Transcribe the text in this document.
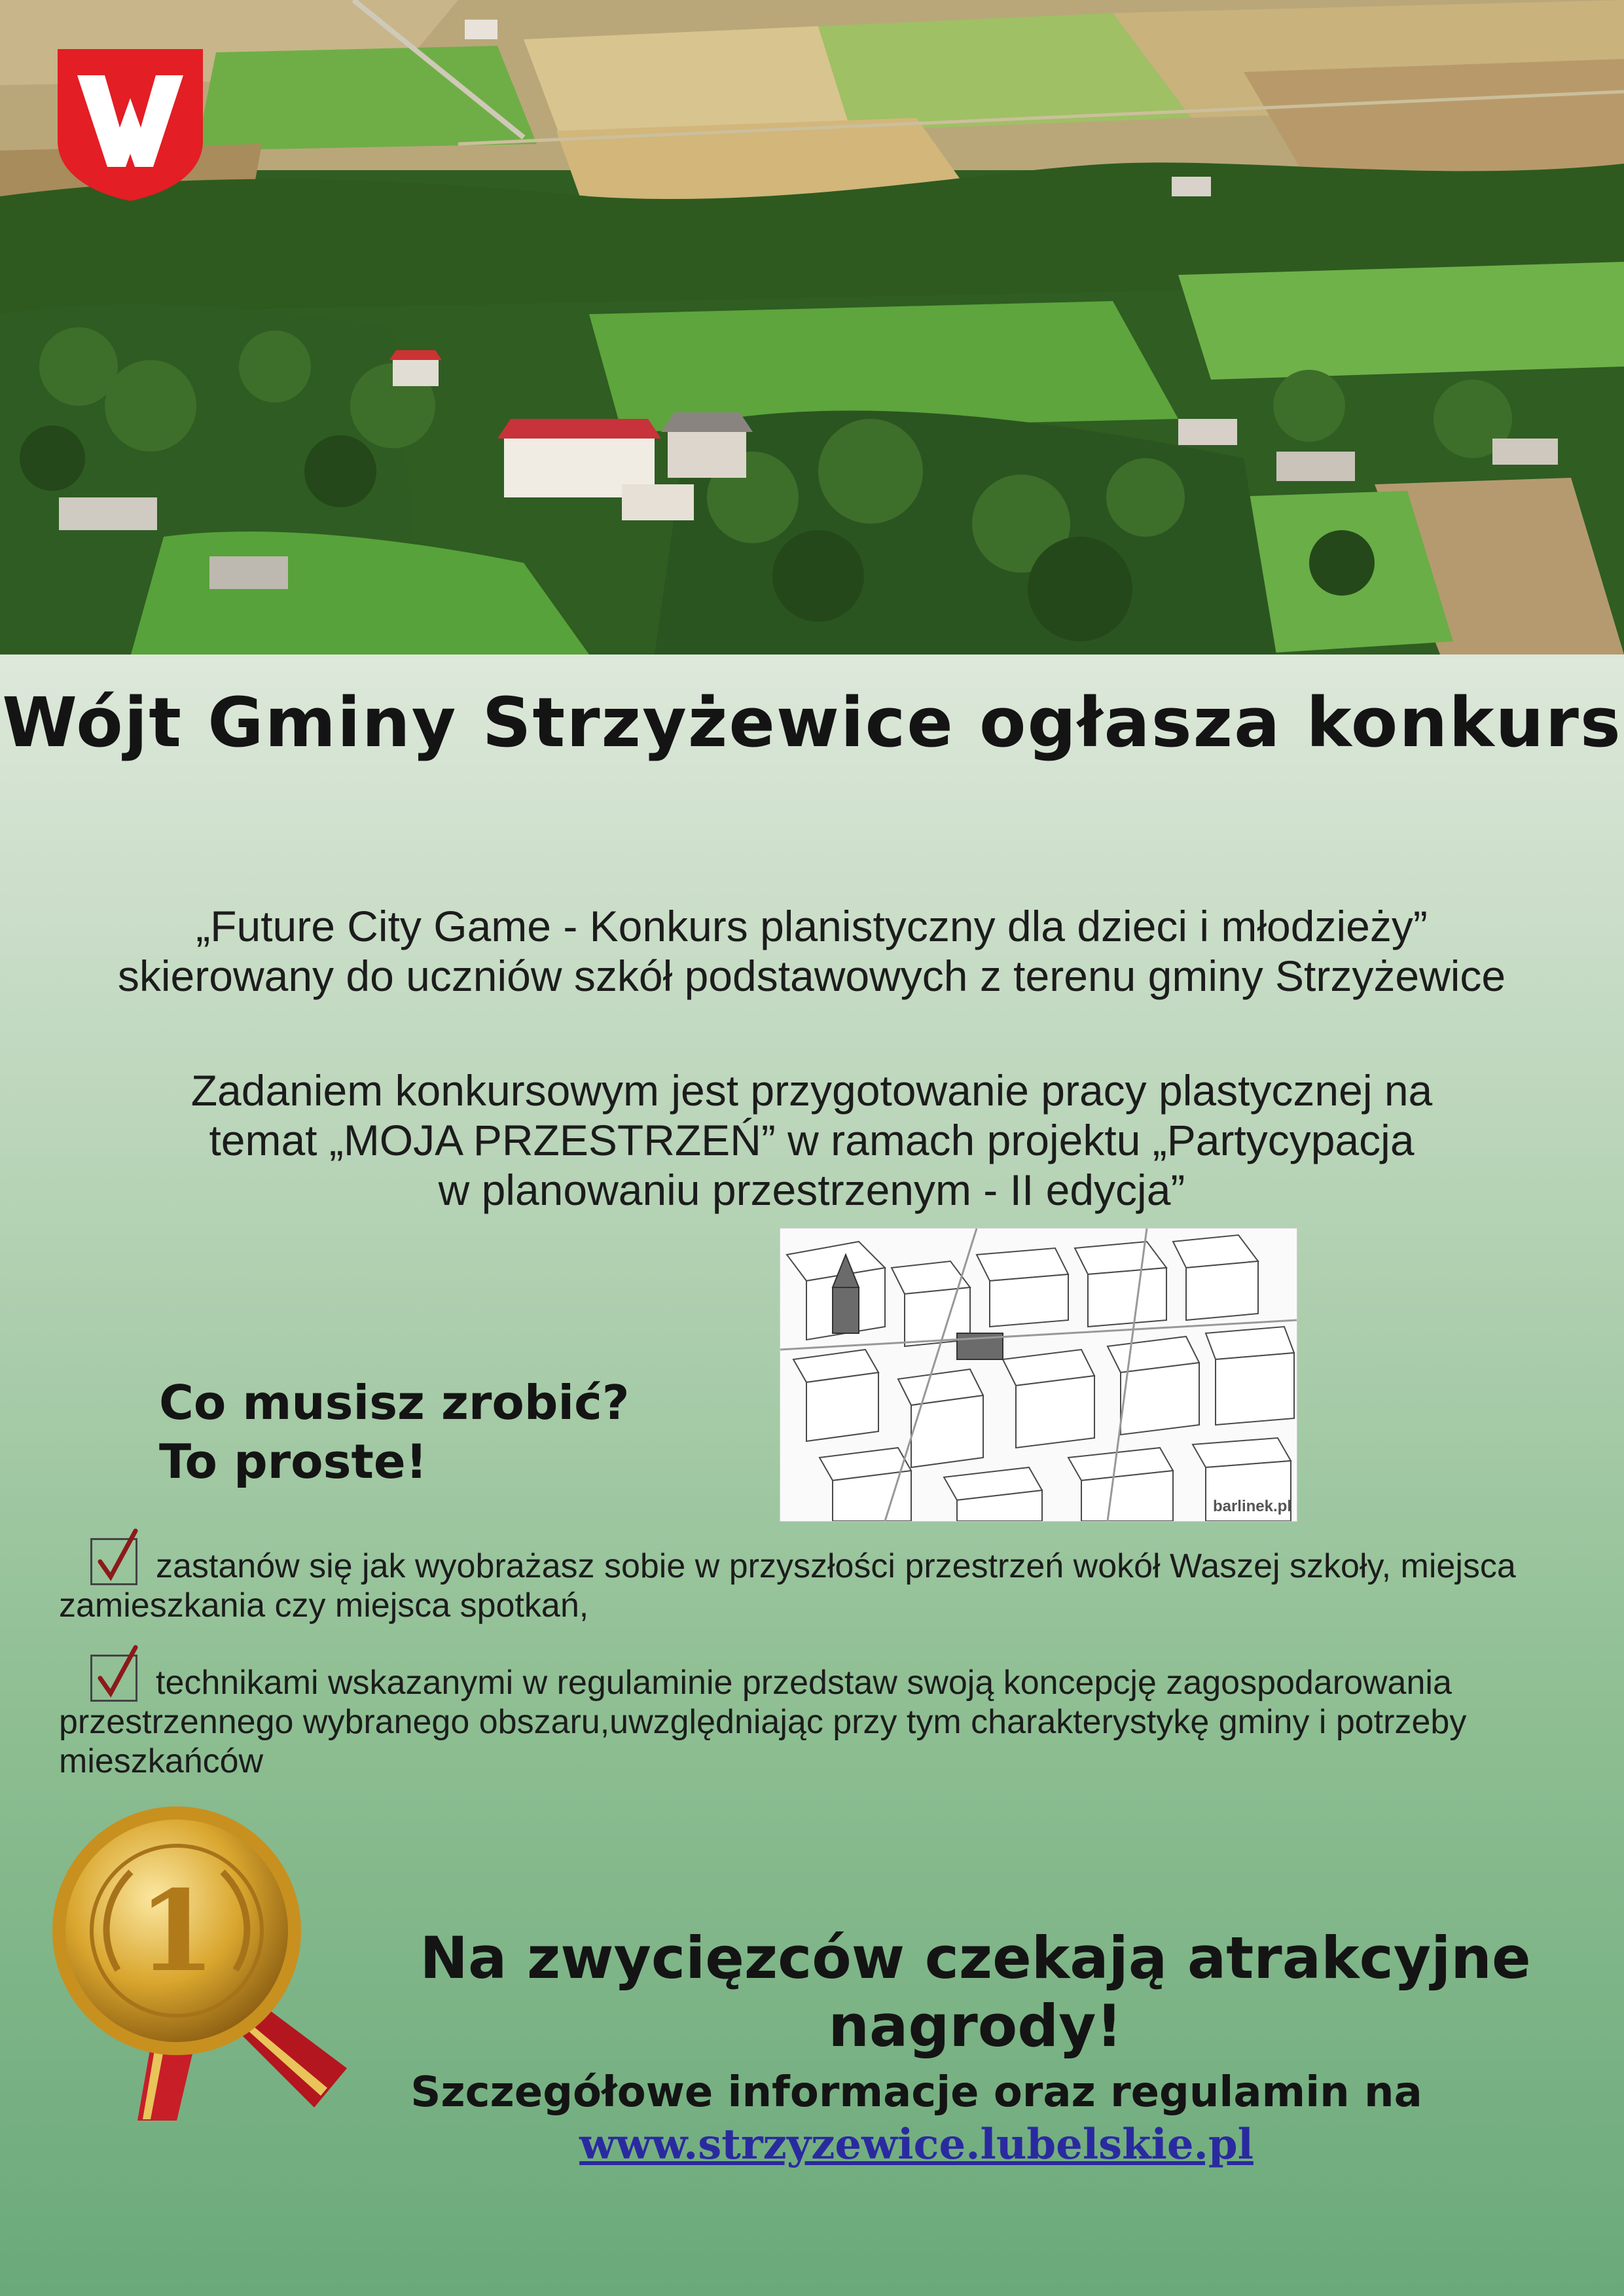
Wójt Gminy Strzyżewice ogłasza konkurs
„Future City Game - Konkurs planistyczny dla dzieci i młodzieży”
skierowany do uczniów szkół podstawowych z terenu gminy Strzyżewice
Zadaniem konkursowym jest przygotowanie pracy plastycznej na
temat „MOJA PRZESTRZEŃ” w ramach projektu „Partycypacja
w planowaniu przestrzenym - II edycja”
barlinek.pl
Co musisz zrobić?
To proste!

zastanów się jak wyobrażasz sobie w przyszłości przestrzeń wokół Waszej szkoły, miejsca zamieszkania czy miejsca spotkań,

technikami wskazanymi w regulaminie przedstaw swoją koncepcję zagospodarowania przestrzennego wybranego obszaru,uwzględniając przy tym charakterystykę gminy i potrzeby mieszkańców

1	Na zwycięzców czekają atrakcyjne
nagrody!

Szczegółowe informacje oraz regulamin na

www.strzyzewice.lubelskie.pl
